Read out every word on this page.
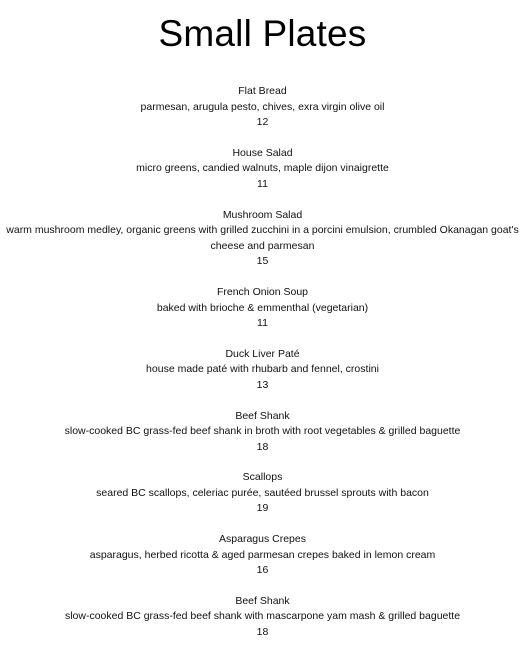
Small Plates
Flat Bread
parmesan, arugula pesto, chives, exra virgin olive oil
12
House Salad
micro greens, candied walnuts, maple dijon vinaigrette
11
Mushroom Salad
warm mushroom medley, organic greens with grilled zucchini in a porcini emulsion, crumbled Okanagan goat's cheese and parmesan
15
French Onion Soup
baked with brioche & emmenthal (vegetarian)
11
Duck Liver Paté
house made paté with rhubarb and fennel, crostini
13
Beef Shank
slow-cooked BC grass-fed beef shank in broth with root vegetables & grilled baguette
18
Scallops
seared BC scallops, celeriac purée, sautéed brussel sprouts with bacon
19
Asparagus Crepes
asparagus, herbed ricotta & aged parmesan crepes baked in lemon cream
16
Beef Shank
slow-cooked BC grass-fed beef shank with mascarpone yam mash & grilled baguette
18
